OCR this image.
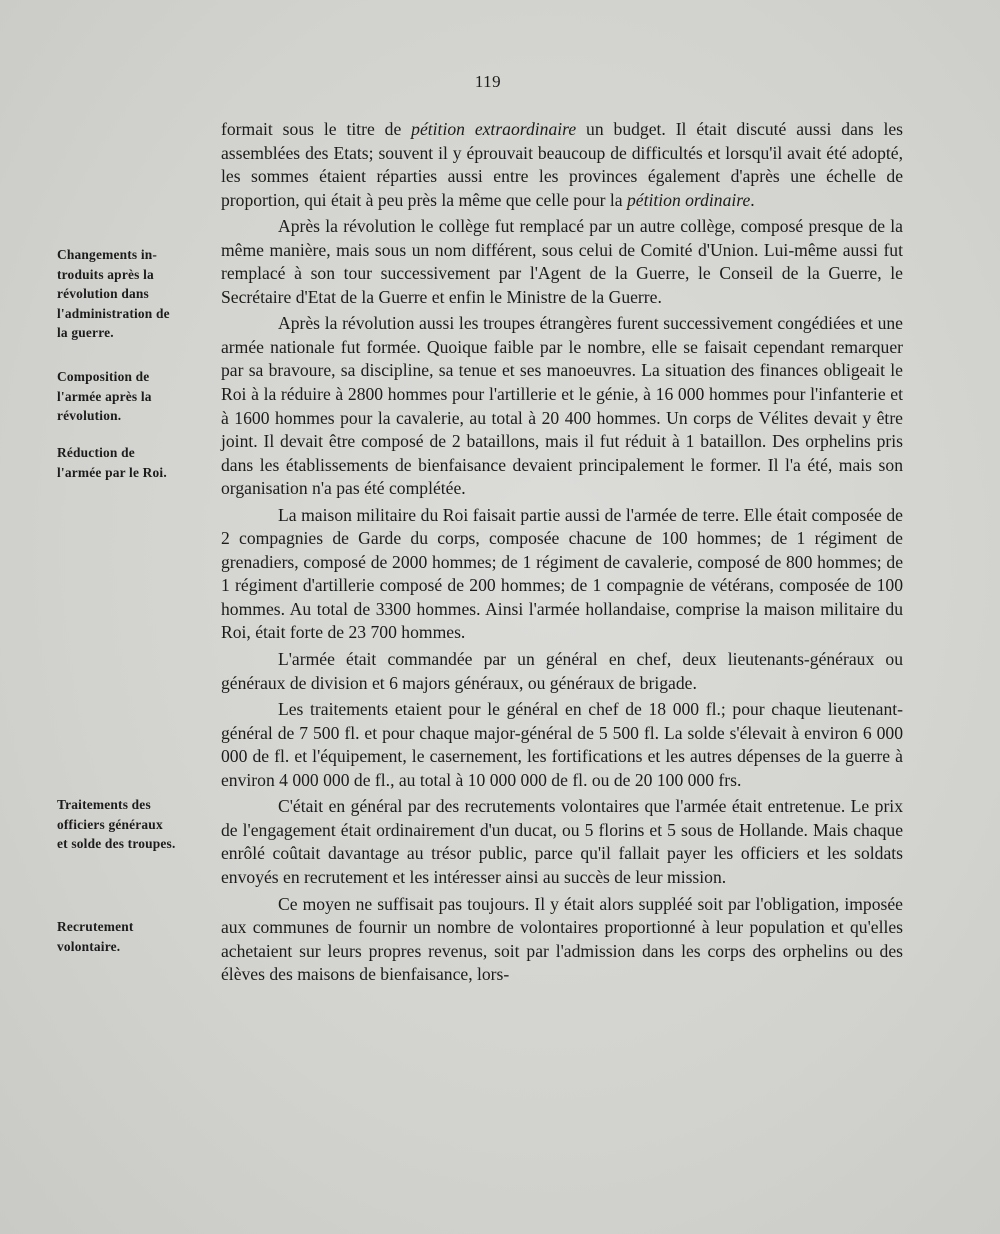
119
Changements in-
troduits après la
révolution dans
l'administration de
la guerre.
Composition de
l'armée après la
révolution.
Réduction de
l'armée par le Roi.
Traitements des
officiers généraux
et solde des troupes.
Recrutement
volontaire.

formait sous le titre de pétition extraordinaire un budget. Il était discuté aussi dans les assemblées des Etats; souvent il y éprouvait beaucoup de difficultés et lorsqu'il avait été adopté, les sommes étaient réparties aussi entre les provinces également d'après une échelle de proportion, qui était à peu près la même que celle pour la pétition ordinaire.

Après la révolution le collège fut remplacé par un autre collège, composé presque de la même manière, mais sous un nom différent, sous celui de Comité d'Union. Lui-même aussi fut remplacé à son tour successivement par l'Agent de la Guerre, le Conseil de la Guerre, le Secrétaire d'Etat de la Guerre et enfin le Ministre de la Guerre.

Après la révolution aussi les troupes étrangères furent successivement congédiées et une armée nationale fut formée. Quoique faible par le nombre, elle se faisait cependant remarquer par sa bravoure, sa discipline, sa tenue et ses manoeuvres. La situation des finances obligeait le Roi à la réduire à 2800 hommes pour l'artillerie et le génie, à 16 000 hommes pour l'infanterie et à 1600 hommes pour la cavalerie, au total à 20 400 hommes. Un corps de Vélites devait y être joint. Il devait être composé de 2 bataillons, mais il fut réduit à 1 bataillon. Des orphelins pris dans les établissements de bienfaisance devaient principalement le former. Il l'a été, mais son organisation n'a pas été complétée.

La maison militaire du Roi faisait partie aussi de l'armée de terre. Elle était composée de 2 compagnies de Garde du corps, composée chacune de 100 hommes; de 1 régiment de grenadiers, composé de 2000 hommes; de 1 régiment de cavalerie, composé de 800 hommes; de 1 régiment d'artillerie composé de 200 hommes; de 1 compagnie de vétérans, composée de 100 hommes. Au total de 3300 hommes. Ainsi l'armée hollandaise, comprise la maison militaire du Roi, était forte de 23 700 hommes.

L'armée était commandée par un général en chef, deux lieutenants-généraux ou généraux de division et 6 majors généraux, ou généraux de brigade.

Les traitements etaient pour le général en chef de 18 000 fl.; pour chaque lieutenant-général de 7 500 fl. et pour chaque major-général de 5 500 fl. La solde s'élevait à environ 6 000 000 de fl. et l'équipement, le casernement, les fortifications et les autres dépenses de la guerre à environ 4 000 000 de fl., au total à 10 000 000 de fl. ou de 20 100 000 frs.

C'était en général par des recrutements volontaires que l'armée était entretenue. Le prix de l'engagement était ordinairement d'un ducat, ou 5 florins et 5 sous de Hollande. Mais chaque enrôlé coûtait davantage au trésor public, parce qu'il fallait payer les officiers et les soldats envoyés en recrutement et les intéresser ainsi au succès de leur mission.

Ce moyen ne suffisait pas toujours. Il y était alors suppléé soit par l'obligation, imposée aux communes de fournir un nombre de volontaires proportionné à leur population et qu'elles achetaient sur leurs propres revenus, soit par l'admission dans les corps des orphelins ou des élèves des maisons de bienfaisance, lors-
